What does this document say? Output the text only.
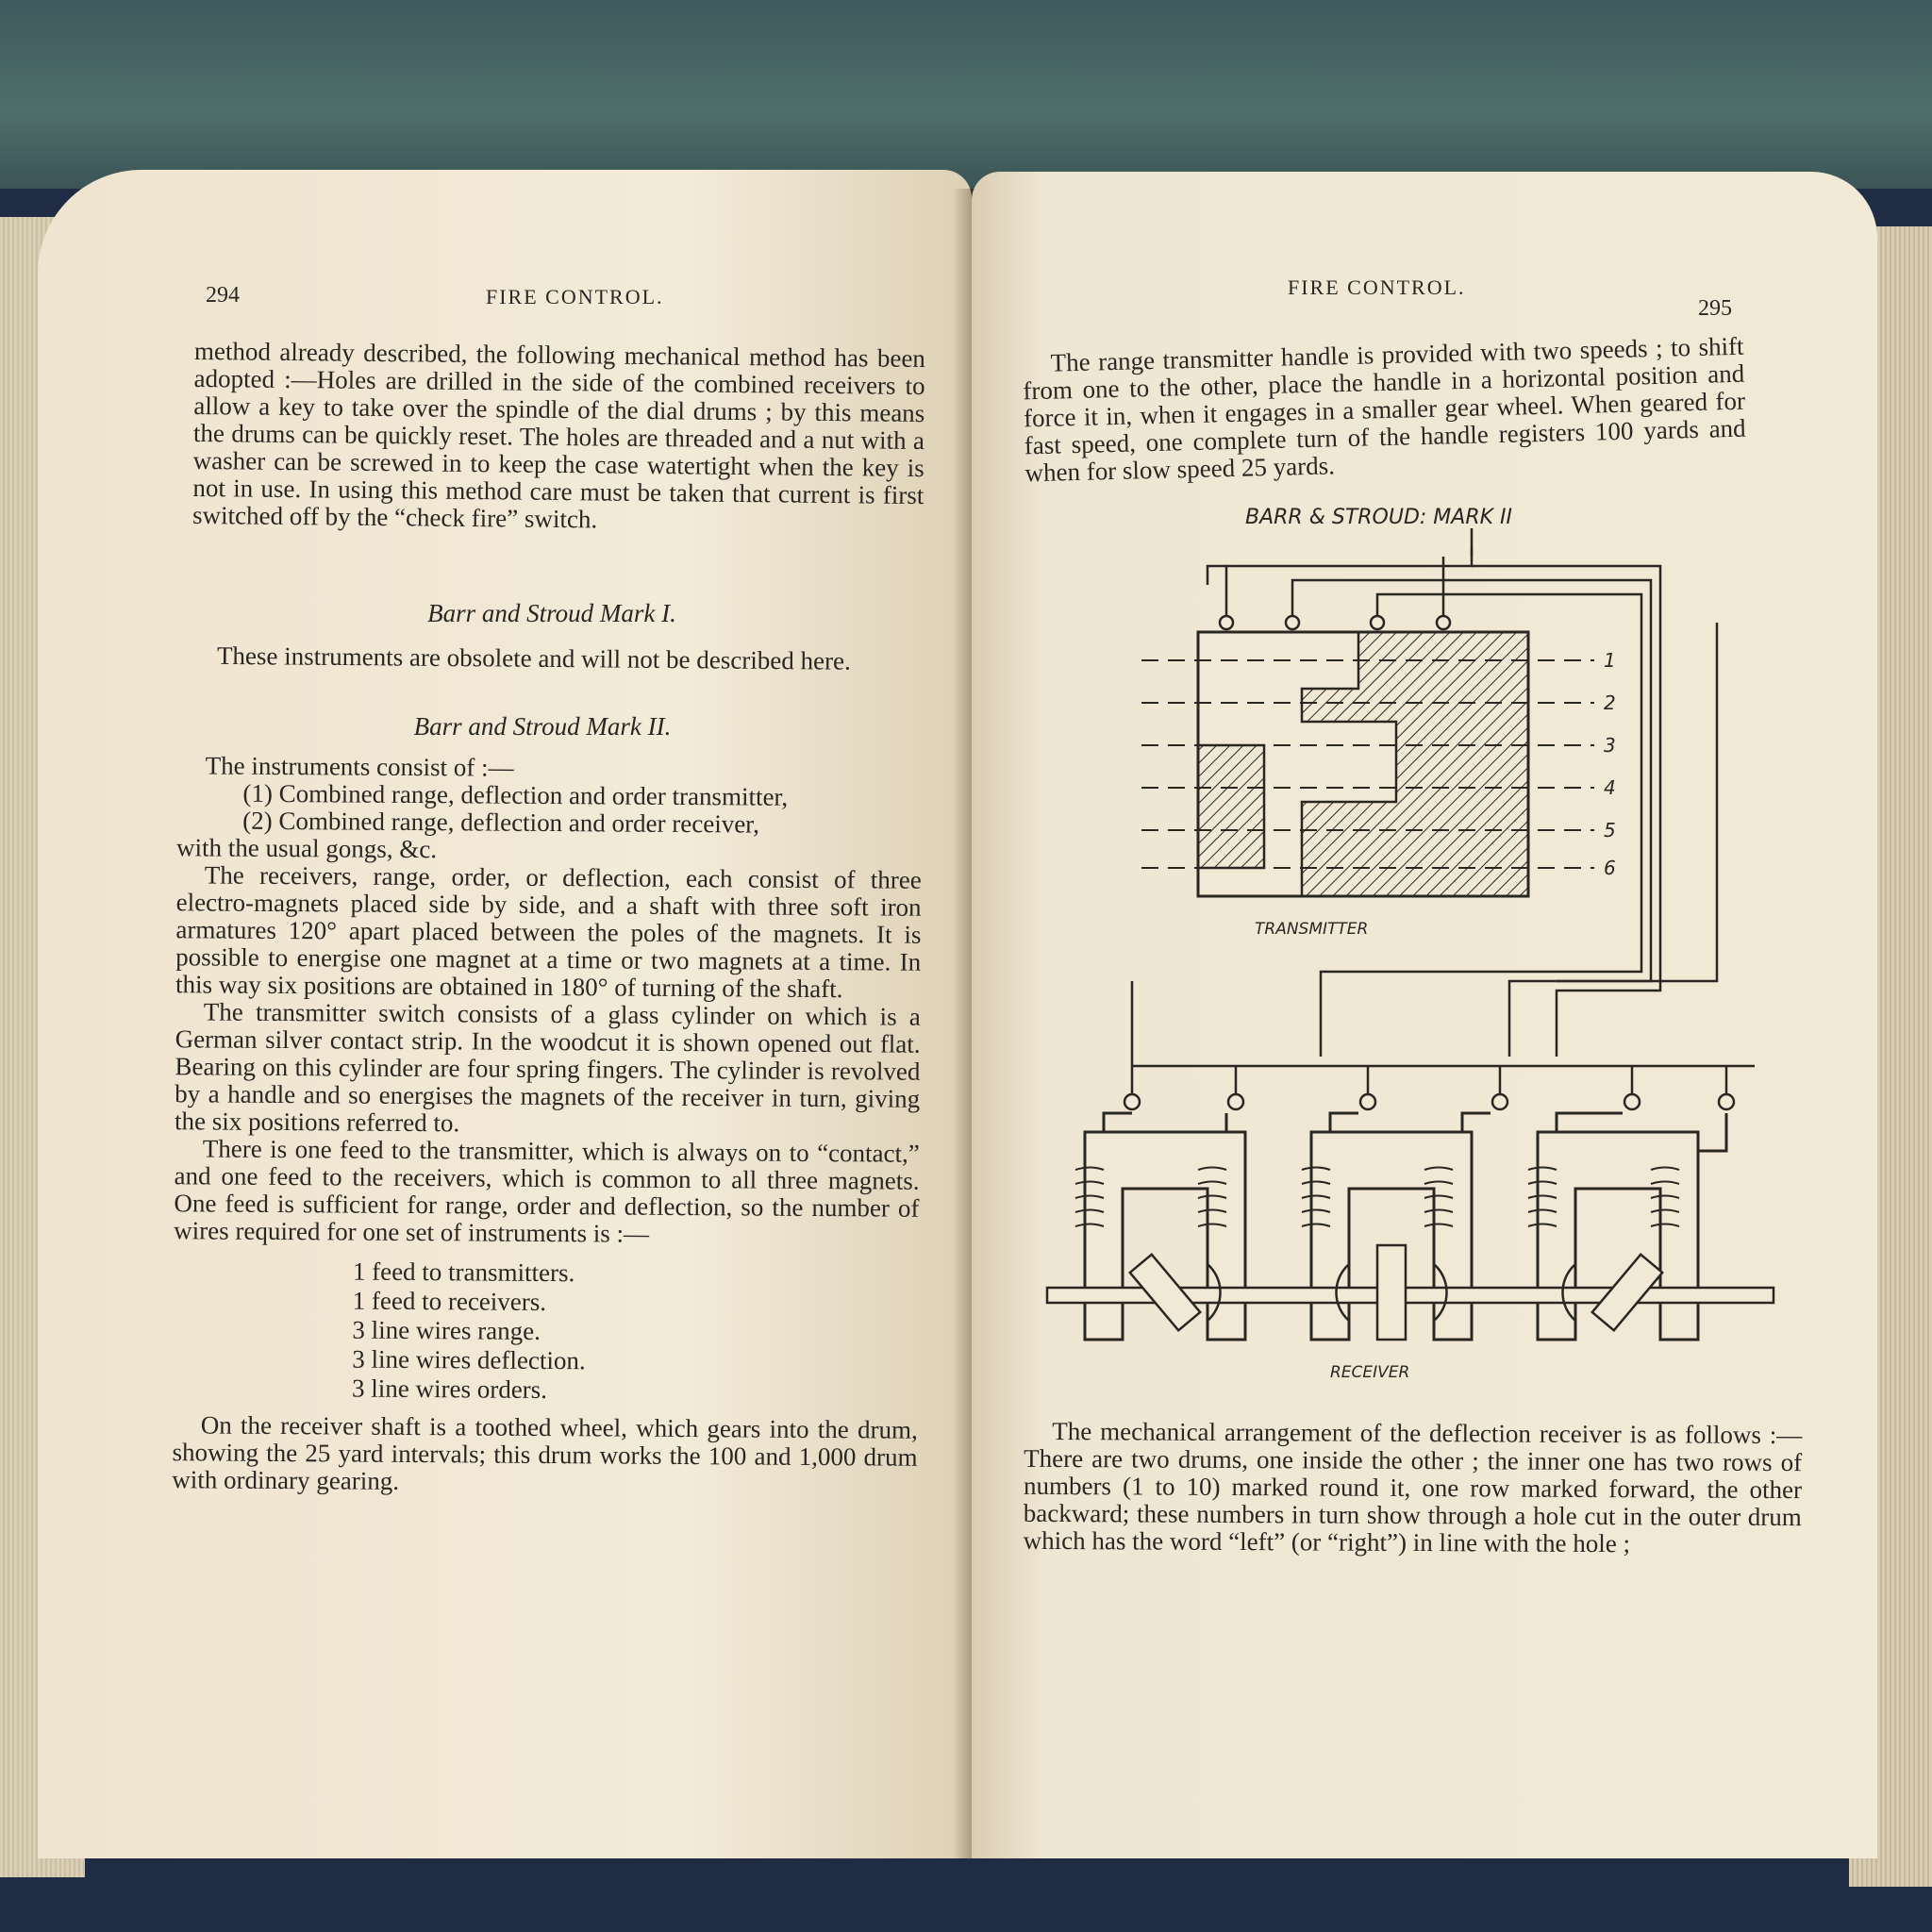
294	FIRE CONTROL.

method already described, the following mechanical method has been adopted :—Holes are drilled in the side of the combined receivers to allow a key to take over the spindle of the dial drums ; by this means the drums can be quickly reset. The holes are threaded and a nut with a washer can be screwed in to keep the case watertight when the key is not in use. In using this method care must be taken that current is first switched off by the “check fire” switch.

Barr and Stroud Mark I.
These instruments are obsolete and will not be described here.
Barr and Stroud Mark II.

The instruments consist of :—

(1) Combined range, deflection and order transmitter,

(2) Combined range, deflection and order receiver,

with the usual gongs, &c.

The receivers, range, order, or deflection, each consist of three electro-magnets placed side by side, and a shaft with three soft iron armatures 120° apart placed between the poles of the magnets. It is possible to energise one magnet at a time or two magnets at a time. In this way six positions are obtained in 180° of turning of the shaft.

The transmitter switch consists of a glass cylinder on which is a German silver contact strip. In the woodcut it is shown opened out flat. Bearing on this cylinder are four spring fingers. The cylinder is revolved by a handle and so energises the magnets of the receiver in turn, giving the six positions referred to.

There is one feed to the transmitter, which is always on to “contact,” and one feed to the receivers, which is common to all three magnets. One feed is sufficient for range, order and deflection, so the number of wires required for one set of instruments is :—

1 feed to transmitters.
1 feed to receivers.
3 line wires range.
3 line wires deflection.
3 line wires orders.

On the receiver shaft is a toothed wheel, which gears into the drum, showing the 25 yard intervals; this drum works the 100 and 1,000 drum with ordinary gearing.

FIRE CONTROL.
295
The range transmitter handle is provided with two speeds ; to shift from one to the other, place the handle in a horizontal position and force it in, when it engages in a smaller gear wheel. When geared for fast speed, one complete turn of the handle registers 100 yards and when for slow speed 25 yards.
BARR & STROUD: MARK II
1
2
3
4
5
6
TRANSMITTER
RECEIVER
The mechanical arrangement of the deflection receiver is as follows :—There are two drums, one inside the other ; the inner one has two rows of numbers (1 to 10) marked round it, one row marked forward, the other backward; these numbers in turn show through a hole cut in the outer drum which has the word “left” (or “right”) in line with the hole ;
